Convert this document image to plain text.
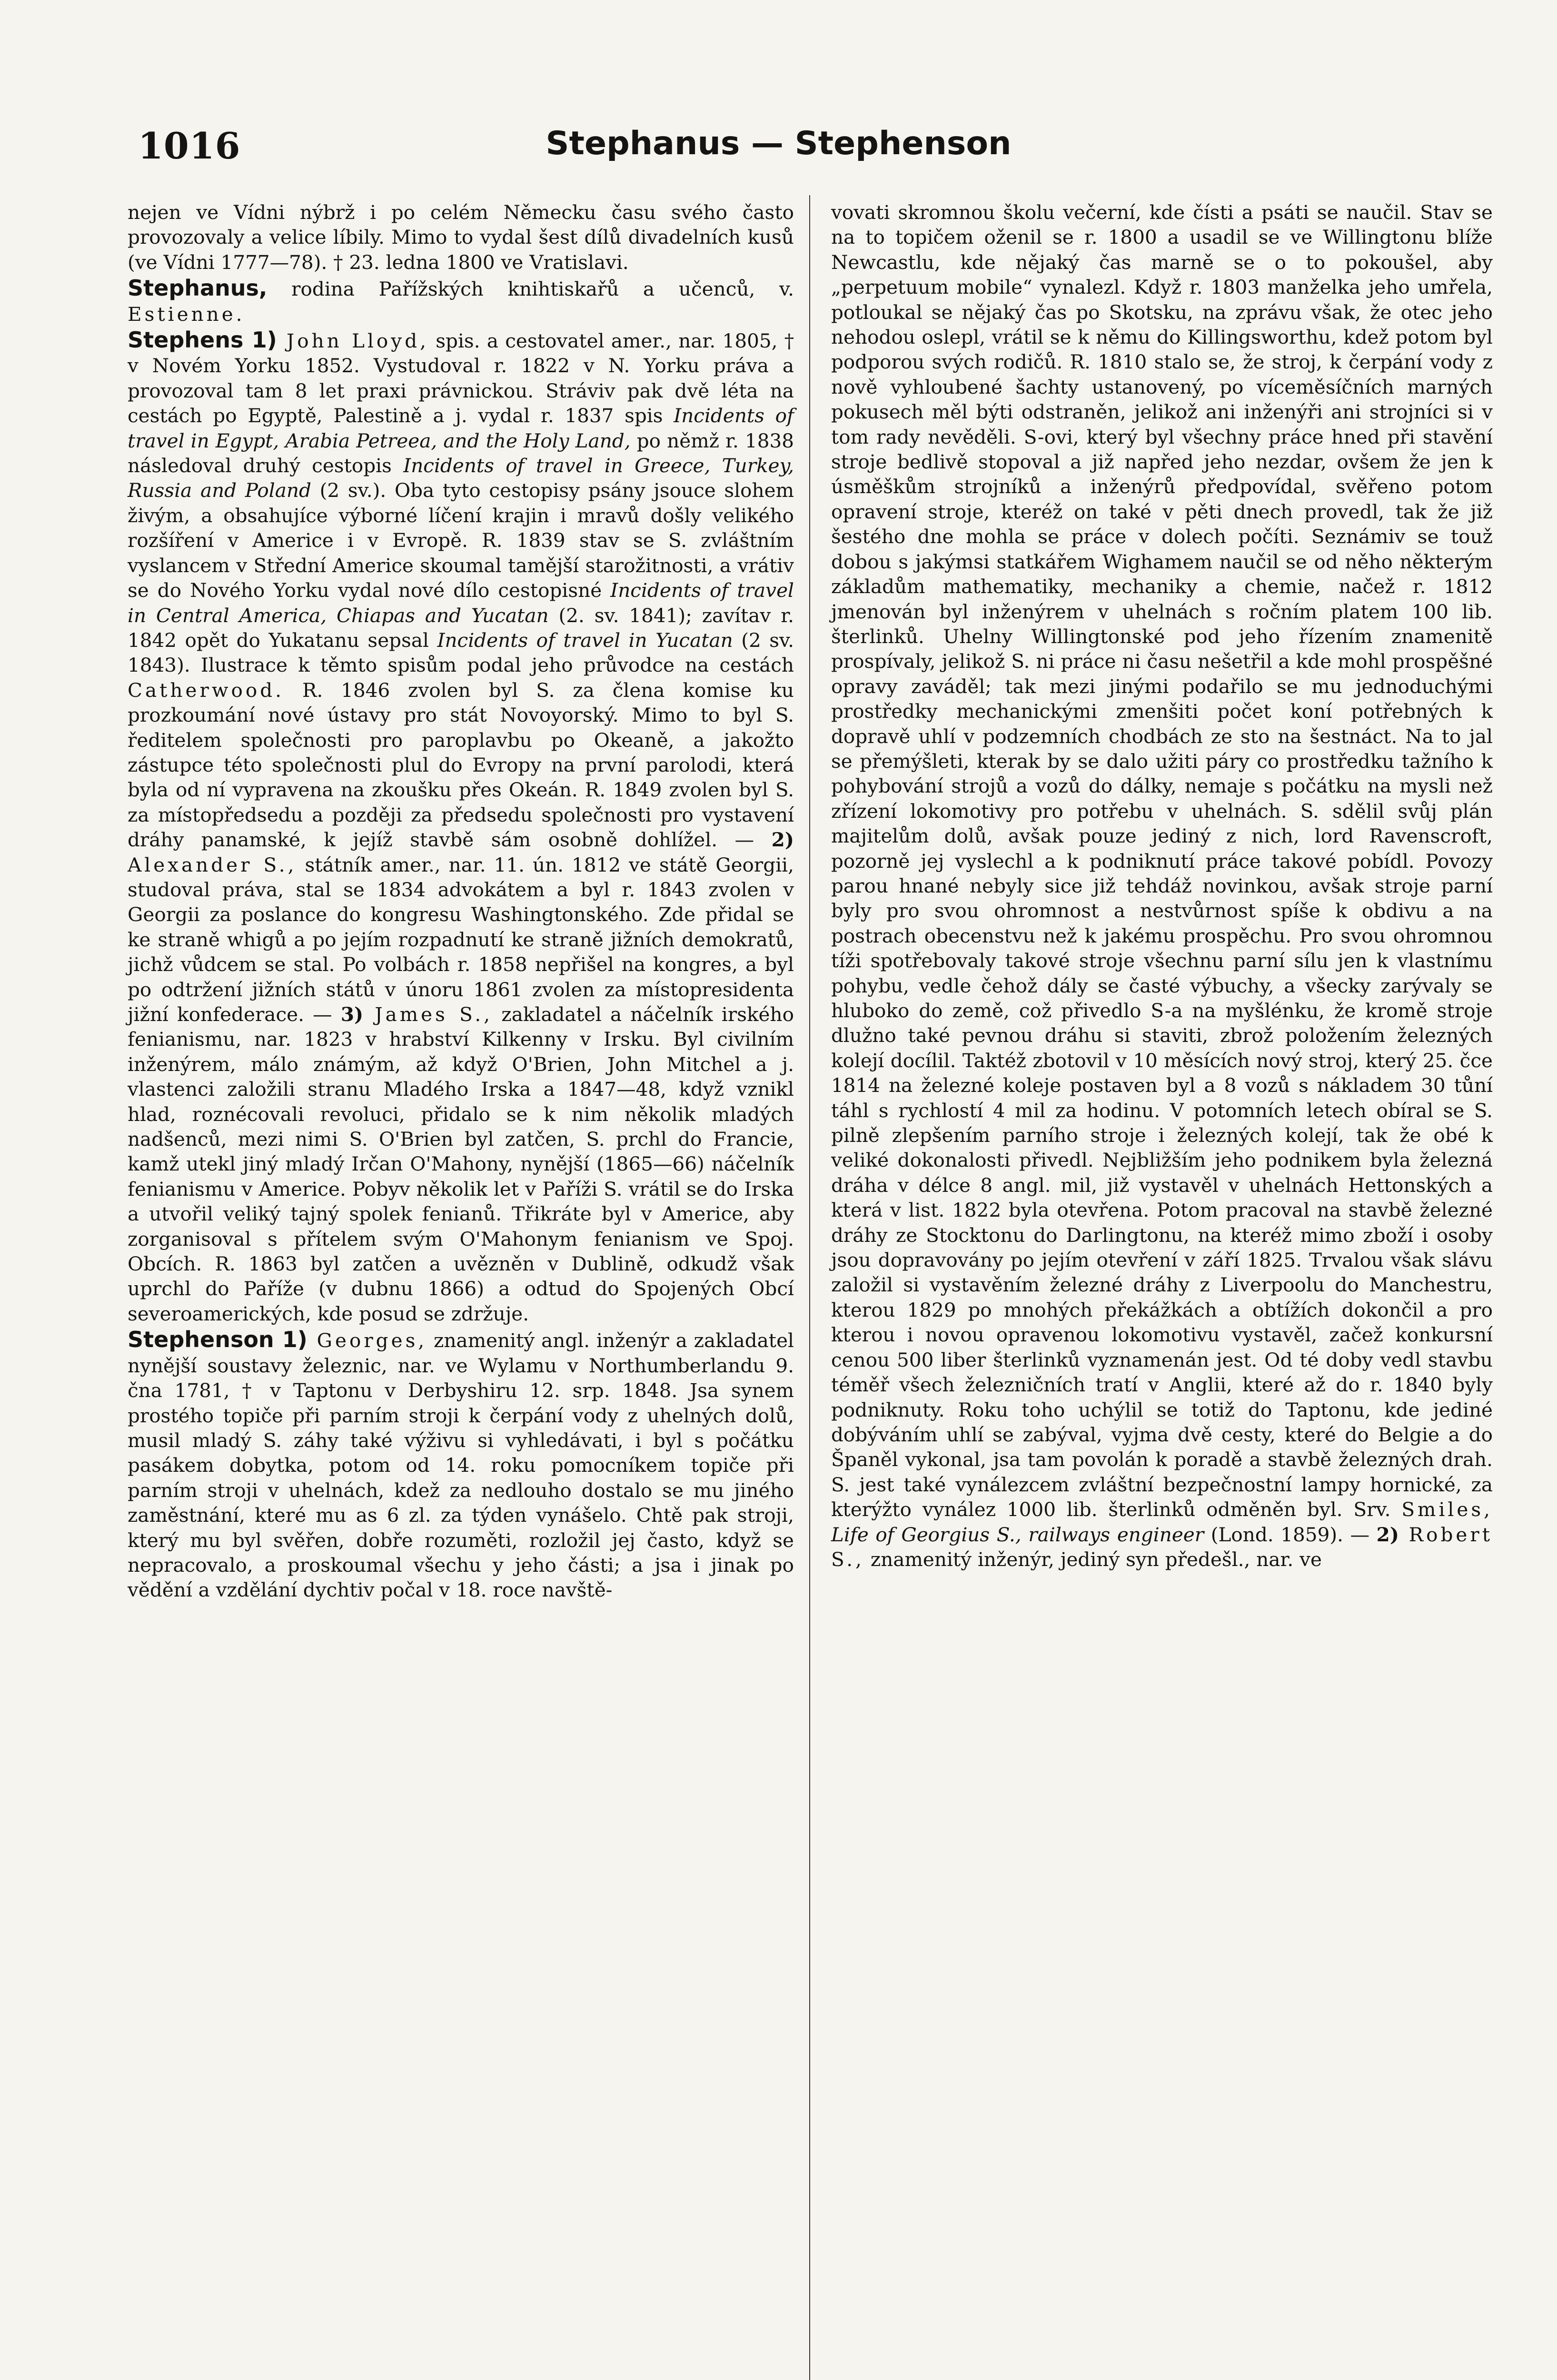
1016	Stephanus — Stephenson

nejen ve Vídni nýbrž i po celém Německu času svého často provozovaly a velice líbily. Mimo to vydal šest dílů divadelních kusů (ve Vídni 1777—78). † 23. ledna 1800 ve Vratislavi.

Stephanus, rodina Pařížských knihtiskařů a učenců, v. Estienne.

Stephens 1) John Lloyd, spis. a cestovatel amer., nar. 1805, † v Novém Yorku 1852. Vystudoval r. 1822 v N. Yorku práva a provozoval tam 8 let praxi právnickou. Stráviv pak dvě léta na cestách po Egyptě, Palestině a j. vydal r. 1837 spis Incidents of travel in Egypt, Arabia Petreea, and the Holy Land, po němž r. 1838 následoval druhý cestopis Incidents of travel in Greece, Turkey, Russia and Poland (2 sv.). Oba tyto cestopisy psány jsouce slohem živým, a obsahujíce výborné líčení krajin i mravů došly velikého rozšíření v Americe i v Evropě. R. 1839 stav se S. zvláštním vyslancem v Střední Americe skoumal tamější starožitnosti, a vrátiv se do Nového Yorku vydal nové dílo cestopisné Incidents of travel in Central America, Chiapas and Yucatan (2. sv. 1841); zavítav r. 1842 opět do Yukatanu sepsal Incidents of travel in Yucatan (2 sv. 1843). Ilustrace k těmto spisům podal jeho průvodce na cestách Catherwood. R. 1846 zvolen byl S. za člena komise ku prozkoumání nové ústavy pro stát Novoyorský. Mimo to byl S. ředitelem společnosti pro paroplavbu po Okeaně, a jakožto zástupce této společnosti plul do Evropy na první parolodi, která byla od ní vypravena na zkoušku přes Okeán. R. 1849 zvolen byl S. za místopředsedu a později za předsedu společnosti pro vystavení dráhy panamské, k jejíž stavbě sám osobně dohlížel. — 2) Alexander S., státník amer., nar. 11. ún. 1812 ve státě Georgii, studoval práva, stal se 1834 advokátem a byl r. 1843 zvolen v Georgii za poslance do kongresu Washingtonského. Zde přidal se ke straně whigů a po jejím rozpadnutí ke straně jižních demokratů, jichž vůdcem se stal. Po volbách r. 1858 nepřišel na kongres, a byl po odtržení jižních států v únoru 1861 zvolen za místopresidenta jižní konfederace. — 3) James S., zakladatel a náčelník irského fenianismu, nar. 1823 v hrabství Kilkenny v Irsku. Byl civilním inženýrem, málo známým, až když O'Brien, John Mitchel a j. vlastenci založili stranu Mladého Irska a 1847—48, když vznikl hlad, roznécovali revoluci, přidalo se k nim několik mladých nadšenců, mezi nimi S. O'Brien byl zatčen, S. prchl do Francie, kamž utekl jiný mladý Irčan O'Mahony, nynější (1865—66) náčelník fenianismu v Americe. Pobyv několik let v Paříži S. vrátil se do Irska a utvořil veliký tajný spolek fenianů. Třikráte byl v Americe, aby zorganisoval s přítelem svým O'Mahonym fenianism ve Spoj. Obcích. R. 1863 byl zatčen a uvězněn v Dublině, odkudž však uprchl do Paříže (v dubnu 1866) a odtud do Spojených Obcí severoamerických, kde posud se zdržuje.

Stephenson 1) Georges, znamenitý angl. inženýr a zakladatel nynější soustavy železnic, nar. ve Wylamu v Northumberlandu 9. čna 1781, † v Taptonu v Derbyshiru 12. srp. 1848. Jsa synem prostého topiče při parním stroji k čerpání vody z uhelných dolů, musil mladý S. záhy také výživu si vyhledávati, i byl s počátku pasákem dobytka, potom od 14. roku pomocníkem topiče při parním stroji v uhelnách, kdež za nedlouho dostalo se mu jiného zaměstnání, které mu as 6 zl. za týden vynášelo. Chtě pak stroji, který mu byl svěřen, dobře rozuměti, rozložil jej často, když se nepracovalo, a proskoumal všechu y jeho části; a jsa i jinak po vědění a vzdělání dychtiv počal v 18. roce navště-

vovati skromnou školu večerní, kde čísti a psáti se naučil. Stav se na to topičem oženil se r. 1800 a usadil se ve Willingtonu blíže Newcastlu, kde nějaký čas marně se o to pokoušel, aby „perpetuum mobile“ vynalezl. Když r. 1803 manželka jeho umřela, potloukal se nějaký čas po Skotsku, na zprávu však, že otec jeho nehodou oslepl, vrátil se k němu do Killingsworthu, kdež potom byl podporou svých rodičů. R. 1810 stalo se, že stroj, k čerpání vody z nově vyhloubené šachty ustanovený, po víceměsíčních marných pokusech měl býti odstraněn, jelikož ani inženýři ani strojníci si v tom rady nevěděli. S-ovi, který byl všechny práce hned při stavění stroje bedlivě stopoval a již napřed jeho nezdar, ovšem že jen k úsměškům strojníků a inženýrů předpovídal, svěřeno potom opravení stroje, kteréž on také v pěti dnech provedl, tak že již šestého dne mohla se práce v dolech počíti. Seznámiv se touž dobou s jakýmsi statkářem Wighamem naučil se od něho některým základům mathematiky, mechaniky a chemie, načež r. 1812 jmenován byl inženýrem v uhelnách s ročním platem 100 lib. šterlinků. Uhelny Willingtonské pod jeho řízením znamenitě prospívaly, jelikož S. ni práce ni času nešetřil a kde mohl prospěšné opravy zaváděl; tak mezi jinými podařilo se mu jednoduchými prostředky mechanickými zmenšiti počet koní potřebných k dopravě uhlí v podzemních chodbách ze sto na šestnáct. Na to jal se přemýšleti, kterak by se dalo užiti páry co prostředku tažního k pohybování strojů a vozů do dálky, nemaje s počátku na mysli než zřízení lokomotivy pro potřebu v uhelnách. S. sdělil svůj plán majitelům dolů, avšak pouze jediný z nich, lord Ravenscroft, pozorně jej vyslechl a k podniknutí práce takové pobídl. Povozy parou hnané nebyly sice již tehdáž novinkou, avšak stroje parní byly pro svou ohromnost a nestvůrnost spíše k obdivu a na postrach obecenstvu než k jakému prospěchu. Pro svou ohromnou tíži spotřebovaly takové stroje všechnu parní sílu jen k vlastnímu pohybu, vedle čehož dály se časté výbuchy, a všecky zarývaly se hluboko do země, což přivedlo S-a na myšlénku, že kromě stroje dlužno také pevnou dráhu si staviti, zbrož položením železných kolejí docílil. Taktéž zbotovil v 10 měsících nový stroj, který 25. čce 1814 na železné koleje postaven byl a 8 vozů s nákladem 30 tůní táhl s rychlostí 4 mil za hodinu. V potomních letech obíral se S. pilně zlepšením parního stroje i železných kolejí, tak že obé k veliké dokonalosti přivedl. Nejbližším jeho podnikem byla železná dráha v délce 8 angl. mil, již vystavěl v uhelnách Hettonských a která v list. 1822 byla otevřena. Potom pracoval na stavbě železné dráhy ze Stocktonu do Darlingtonu, na kteréž mimo zboží i osoby jsou dopravovány po jejím otevření v září 1825. Trvalou však slávu založil si vystavěním železné dráhy z Liverpoolu do Manchestru, kterou 1829 po mnohých překážkách a obtížích dokončil a pro kterou i novou opravenou lokomotivu vystavěl, začež konkursní cenou 500 liber šterlinků vyznamenán jest. Od té doby vedl stavbu téměř všech železničních tratí v Anglii, které až do r. 1840 byly podniknuty. Roku toho uchýlil se totiž do Taptonu, kde jediné dobýváním uhlí se zabýval, vyjma dvě cesty, které do Belgie a do Španěl vykonal, jsa tam povolán k poradě a stavbě železných drah. S. jest také vynálezcem zvláštní bezpečnostní lampy hornické, za kterýžto vynález 1000 lib. šterlinků odměněn byl. Srv. Smiles, Life of Georgius S., railways engineer (Lond. 1859). — 2) Robert S., znamenitý inženýr, jediný syn předešl., nar. ve
